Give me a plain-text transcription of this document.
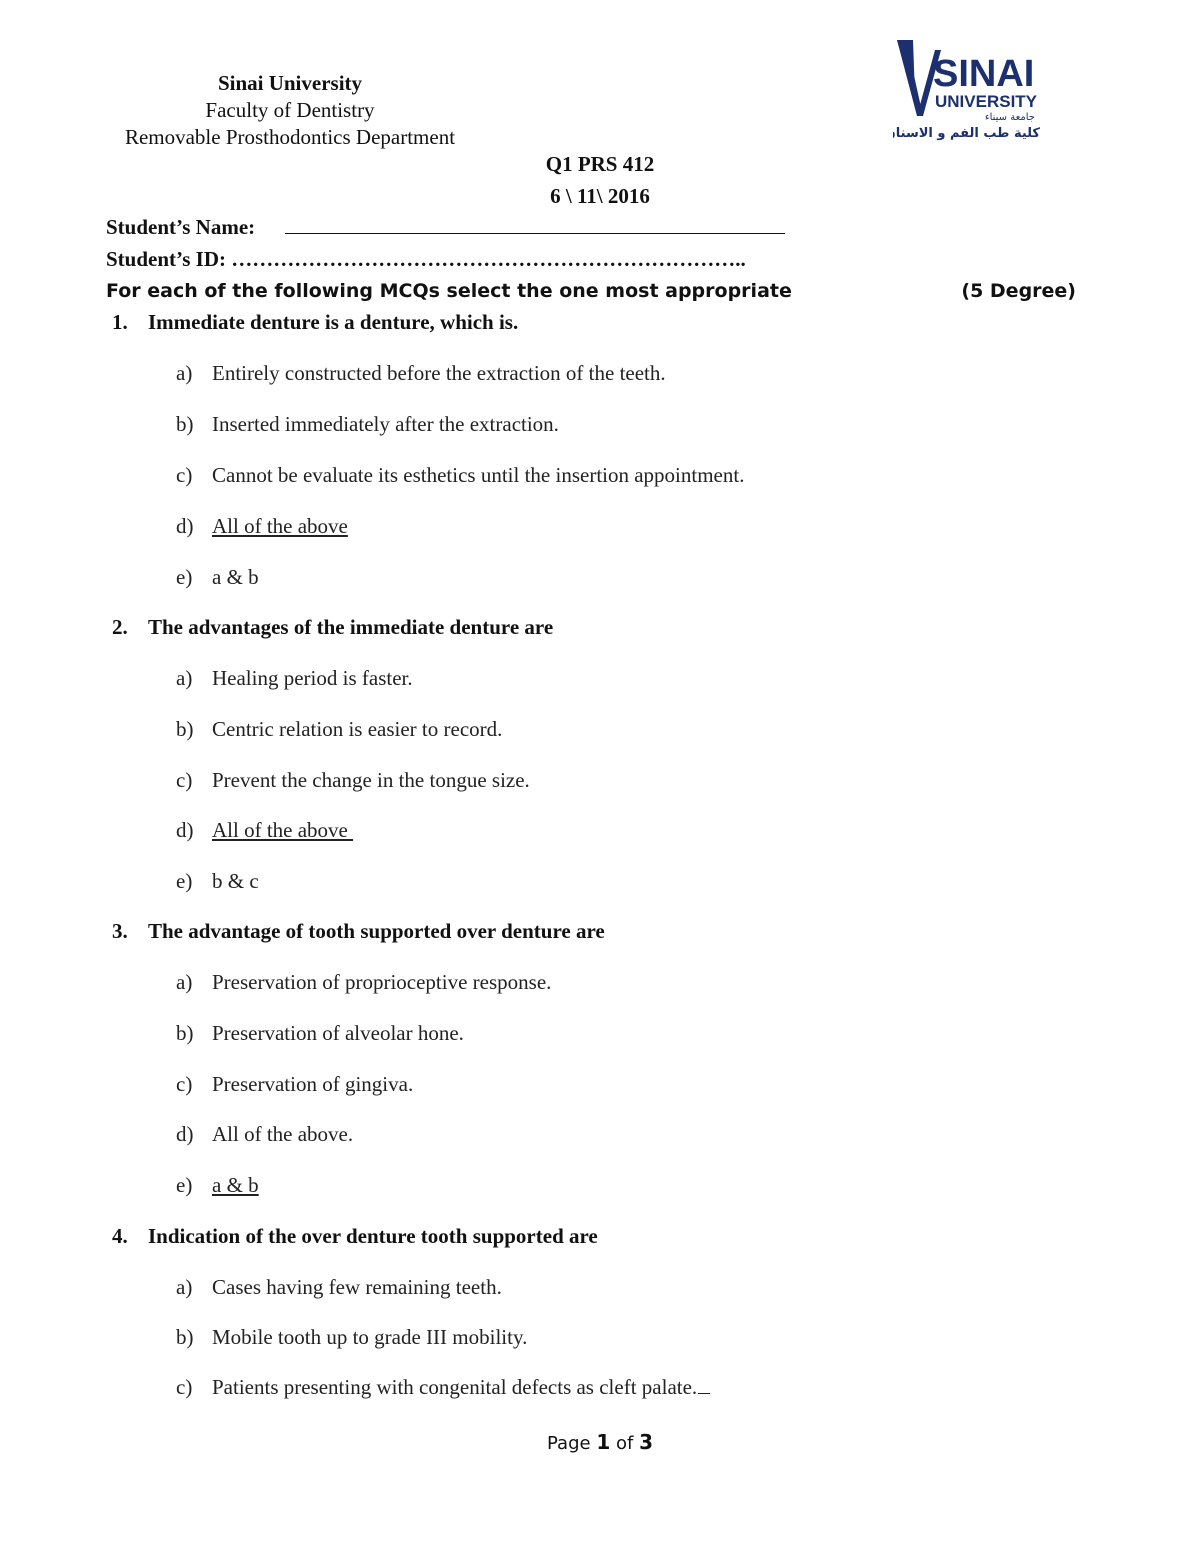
Sinai University
Faculty of Dentistry
Removable Prosthodontics Department
SINAI
UNIVERSITY
جامعة سيناء
كلية طب الفم و الاسنان
Q1 PRS 412
6 \ 11\ 2016
Student’s Name:
Student’s ID: ………………………………………………………………..
For each of the following MCQs select the one most appropriate	(5 Degree)
1. Immediate denture is a denture, which is.
a) Entirely constructed before the extraction of the teeth.
b) Inserted immediately after the extraction.
c) Cannot be evaluate its esthetics until the insertion appointment.
d) All of the above
e) a & b
2. The advantages of the immediate denture are
a) Healing period is faster.
b) Centric relation is easier to record.
c) Prevent the change in the tongue size.
d) All of the above
e) b & c
3. The advantage of tooth supported over denture are
a) Preservation of proprioceptive response.
b) Preservation of alveolar hone.
c) Preservation of gingiva.
d) All of the above.
e) a & b
4. Indication of the over denture tooth supported are
a) Cases having few remaining teeth.
b) Mobile tooth up to grade III mobility.
c) Patients presenting with congenital defects as cleft palate.
Page 1 of 3
